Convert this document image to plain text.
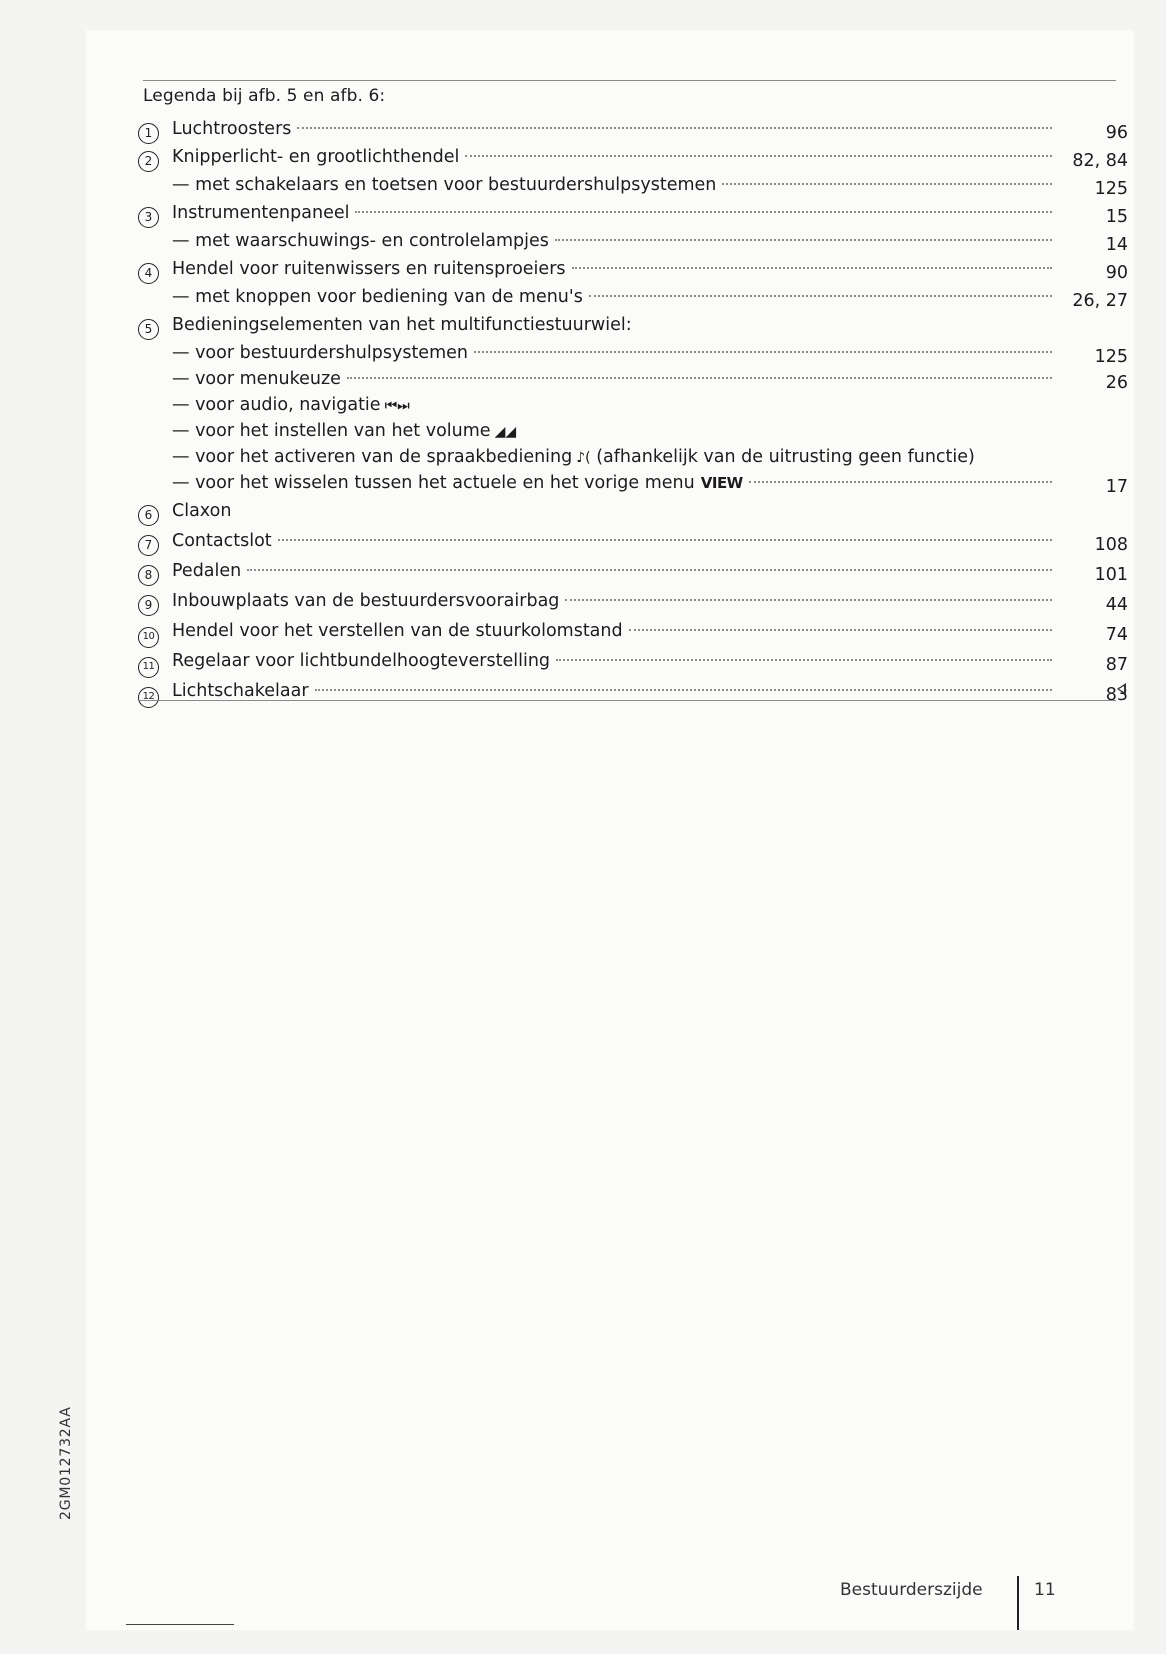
Legenda bij afb. 5 en afb. 6:
1	Luchtroosters	96
2	Knipperlicht- en grootlichthendel	82, 84
— met schakelaars en toetsen voor bestuurdershulpsystemen	125
3	Instrumentenpaneel	15
— met waarschuwings- en controlelampjes	14
4	Hendel voor ruitenwissers en ruitensproeiers	90
— met knoppen voor bediening van de menu's	26, 27
5	Bedieningselementen van het multifunctiestuurwiel:
— voor bestuurdershulpsystemen	125
— voor menukeuze	26
— voor audio, navigatie ⏮⏭
— voor het instellen van het volume ◢◢
— voor het activeren van de spraakbediening ♪( (afhankelijk van de uitrusting geen functie)
— voor het wisselen tussen het actuele en het vorige menu VIEW	17
6	Claxon
7	Contactslot	108
8	Pedalen	101
9	Inbouwplaats van de bestuurdersvoorairbag	44
10 Hendel voor het verstellen van de stuurkolomstand	74
11 Regelaar voor lichtbundelhoogteverstelling	87
12 Lichtschakelaar	83
2GM012732AA
Bestuurderszijde	11
